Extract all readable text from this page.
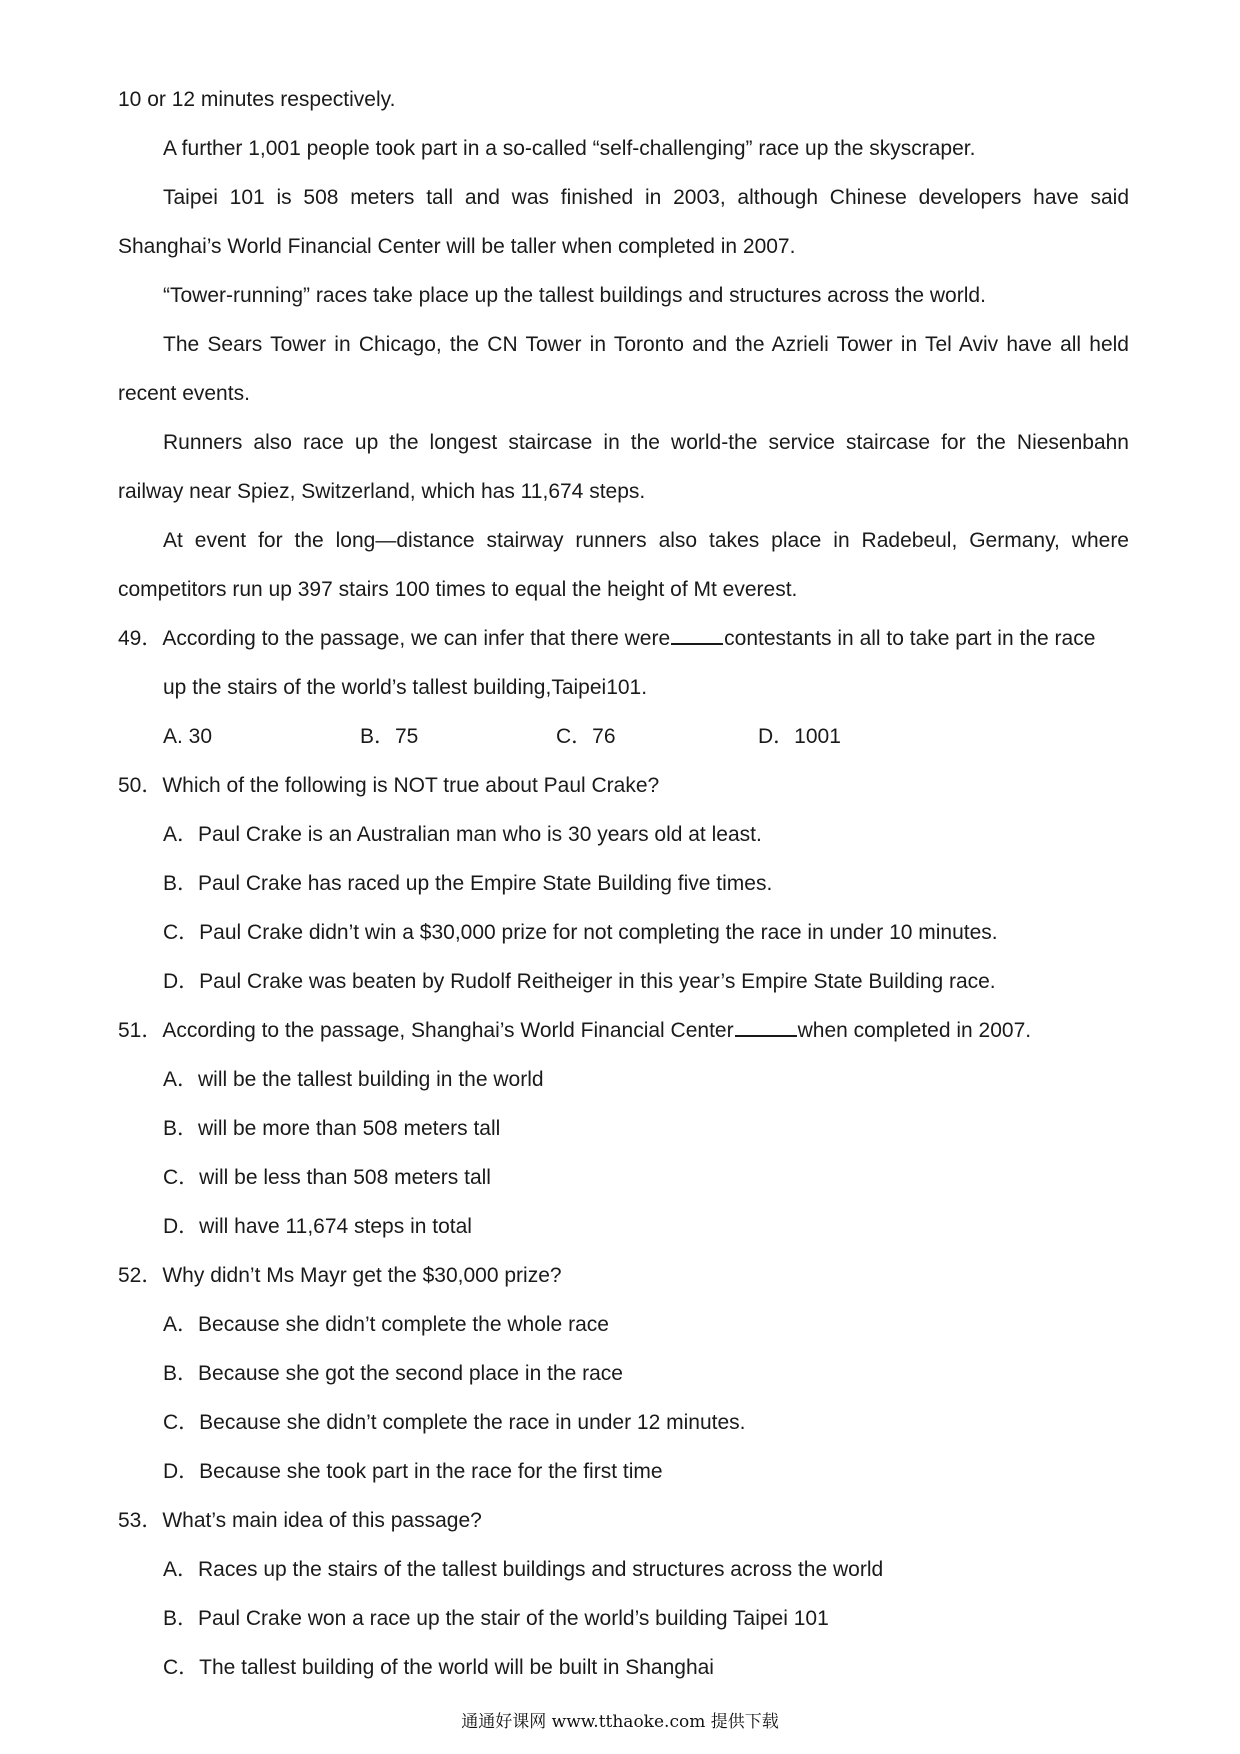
10 or 12 minutes respectively.
A further 1,001 people took part in a so-called “self-challenging” race up the skyscraper.
Taipei 101 is 508 meters tall and was finished in 2003, although Chinese developers have said
Shanghai’s World Financial Center will be taller when completed in 2007.
“Tower-running” races take place up the tallest buildings and structures across the world.
The Sears Tower in Chicago, the CN Tower in Toronto and the Azrieli Tower in Tel Aviv have all held
recent events.
Runners also race up the longest staircase in the world-the service staircase for the Niesenbahn
railway near Spiez, Switzerland, which has 11,674 steps.
At event for the long—distance stairway runners also takes place in Radebeul, Germany, where
competitors run up 397 stairs 100 times to equal the height of Mt everest.
49．According to the passage, we can infer that there were	contestants in all to take part in the race
up the stairs of the world’s tallest building,Taipei101.
A. 30	B．75	C．76	D．1001
50．Which of the following is NOT true about Paul Crake?
A．Paul Crake is an Australian man who is 30 years old at least.
B．Paul Crake has raced up the Empire State Building five times.
C．Paul Crake didn’t win a $30,000 prize for not completing the race in under 10 minutes.
D．Paul Crake was beaten by Rudolf Reitheiger in this year’s Empire State Building race.
51．According to the passage, Shanghai’s World Financial Center	when completed in 2007.
A．will be the tallest building in the world
B．will be more than 508 meters tall
C．will be less than 508 meters tall
D．will have 11,674 steps in total
52．Why didn’t Ms Mayr get the $30,000 prize?
A．Because she didn’t complete the whole race
B．Because she got the second place in the race
C．Because she didn’t complete the race in under 12 minutes.
D．Because she took part in the race for the first time
53．What’s main idea of this passage?
A．Races up the stairs of the tallest buildings and structures across the world
B．Paul Crake won a race up the stair of the world’s building Taipei 101
C．The tallest building of the world will be built in Shanghai
通通好课网 www.tthaoke.com 提供下载
